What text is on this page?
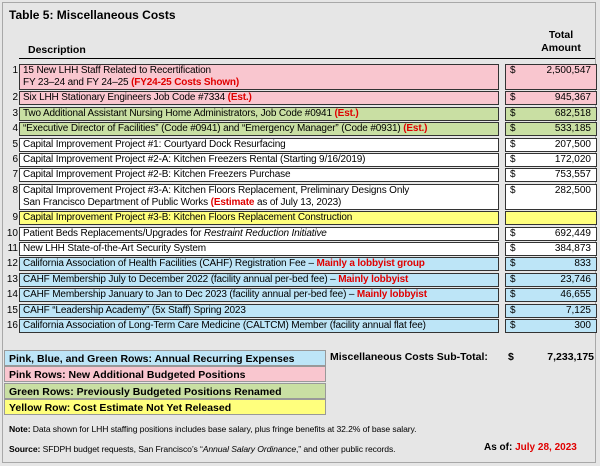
Table 5: Miscellaneous Costs
Description
Total
Amount
1 15 New LHH Staff Related to Recertification
FY 23–24 and FY 24–25 (FY24-25 Costs Shown)
$	2,500,547
2 Six LHH Stationary Engineers Job Code #7334 (Est.)	$	945,367
3 Two Additional Assistant Nursing Home Administrators, Job Code #0941 (Est.)	$	682,518
4 “Executive Director of Facilities” (Code #0941) and “Emergency Manager” (Code #0931) (Est.)	$	533,185
5 Capital Improvement Project #1: Courtyard Dock Resurfacing	$	207,500
6 Capital Improvement Project #2-A: Kitchen Freezers Rental (Starting 9/16/2019)	$	172,020
7 Capital Improvement Project #2-B: Kitchen Freezers Purchase	$	753,557
8 Capital Improvement Project #3-A: Kitchen Floors Replacement, Preliminary Designs Only
San Francisco Department of Public Works (Estimate as of July 13, 2023)
$	282,500
9 Capital Improvement Project #3-B: Kitchen Floors Replacement Construction
10 Patient Beds Replacements/Upgrades for Restraint Reduction Initiative	$	692,449
11 New LHH State-of-the-Art Security System	$	384,873
12 California Association of Health Facilities (CAHF) Registration Fee – Mainly a lobbyist group	$	833
13 CAHF Membership July to December 2022 (facility annual per-bed fee) – Mainly lobbyist	$	23,746
14 CAHF Membership January to Jan to Dec 2023 (facility annual per-bed fee) – Mainly lobbyist	$	46,655
15 CAHF “Leadership Academy” (5x Staff) Spring 2023	$	7,125
16 California Association of Long-Term Care Medicine (CALTCM) Member (facility annual flat fee)	$	300
Pink, Blue, and Green Rows: Annual Recurring Expenses
Pink Rows: New Additional Budgeted Positions
Green Rows: Previously Budgeted Positions Renamed
Yellow Row: Cost Estimate Not Yet Released
Miscellaneous Costs Sub-Total: $	7,233,175
Note: Data shown for LHH staffing positions includes base salary, plus fringe benefits at 32.2% of base salary.
Source: SFDPH budget requests, San Francisco’s “Annual Salary Ordinance,” and other public records.	As of: July 28, 2023
